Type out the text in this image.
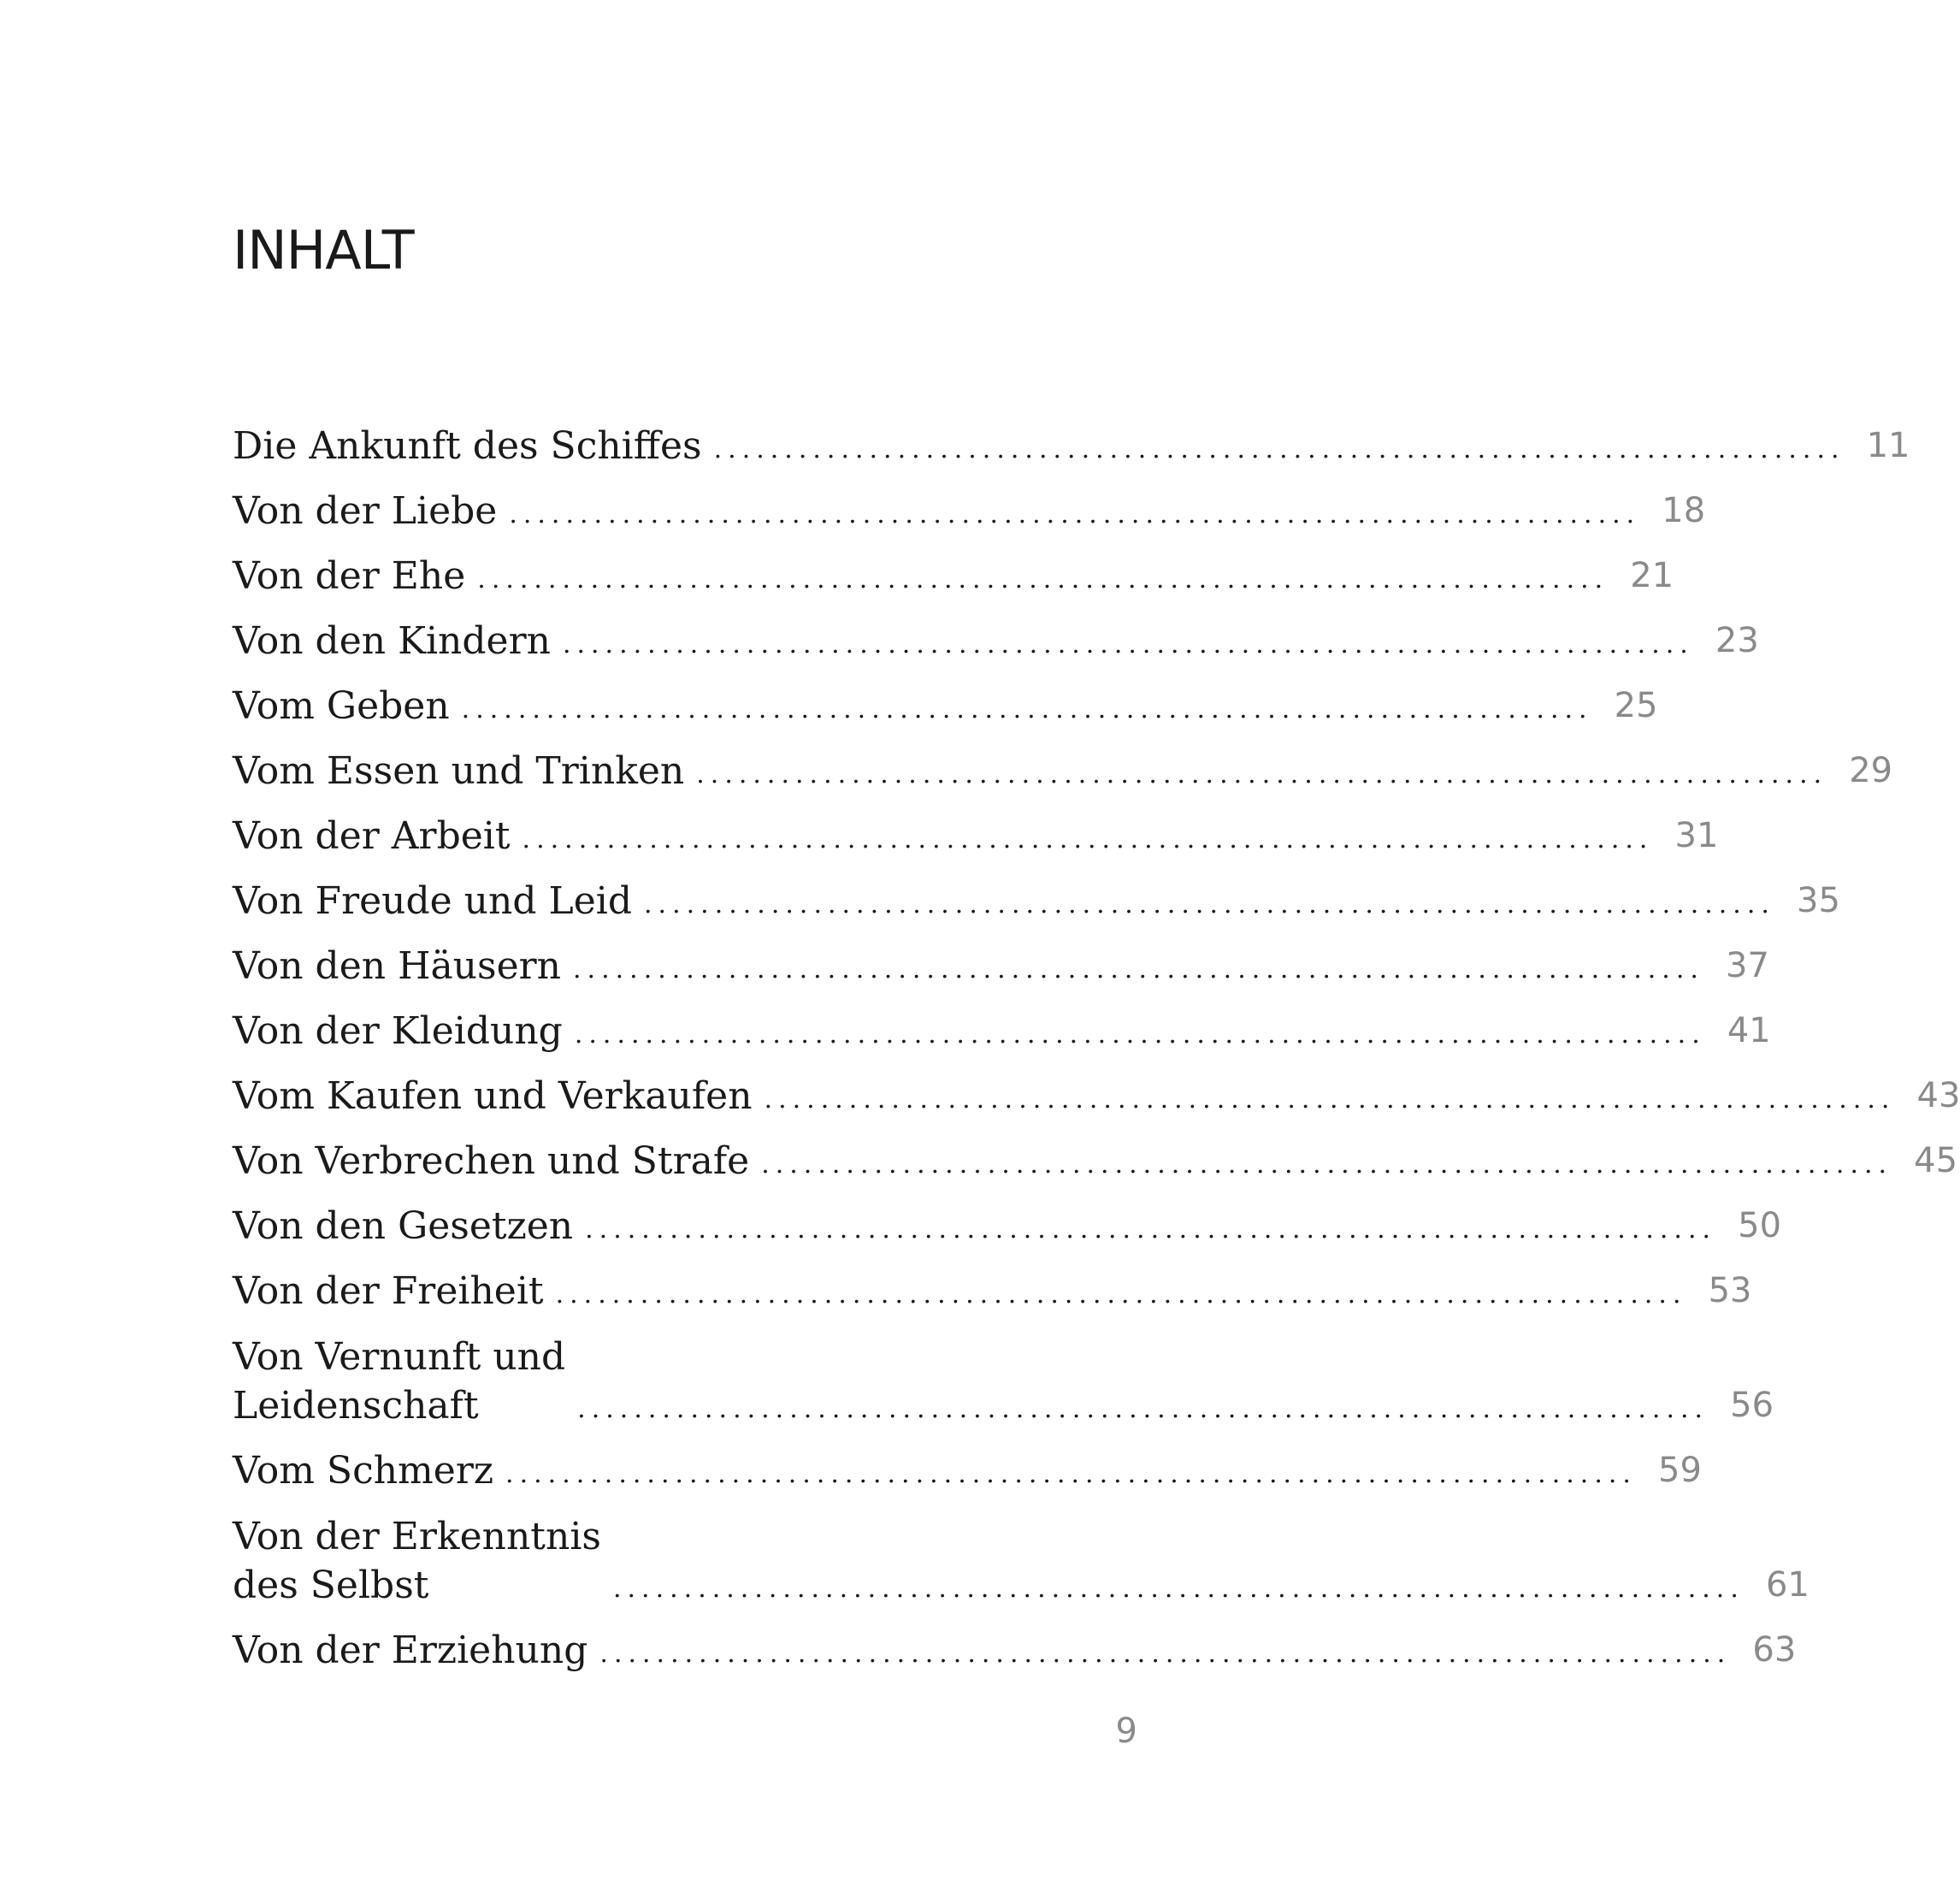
INHALT
Die Ankunft des Schiffes ................................................................................ 11
Von der Liebe ................................................................................ 18
Von der Ehe ................................................................................ 21
Von den Kindern ................................................................................ 23
Vom Geben ................................................................................ 25
Vom Essen und Trinken ................................................................................ 29
Von der Arbeit ................................................................................ 31
Von Freude und Leid ................................................................................ 35
Von den Häusern ................................................................................ 37
Von der Kleidung ................................................................................ 41
Vom Kaufen und Verkaufen ................................................................................ 43
Von Verbrechen und Strafe ................................................................................ 45
Von den Gesetzen ................................................................................ 50
Von der Freiheit ................................................................................ 53
Von Vernunft und
Leidenschaft	................................................................................ 56
Vom Schmerz ................................................................................ 59
Von der Erkenntnis
des Selbst	................................................................................ 61
Von der Erziehung ................................................................................ 63
9
